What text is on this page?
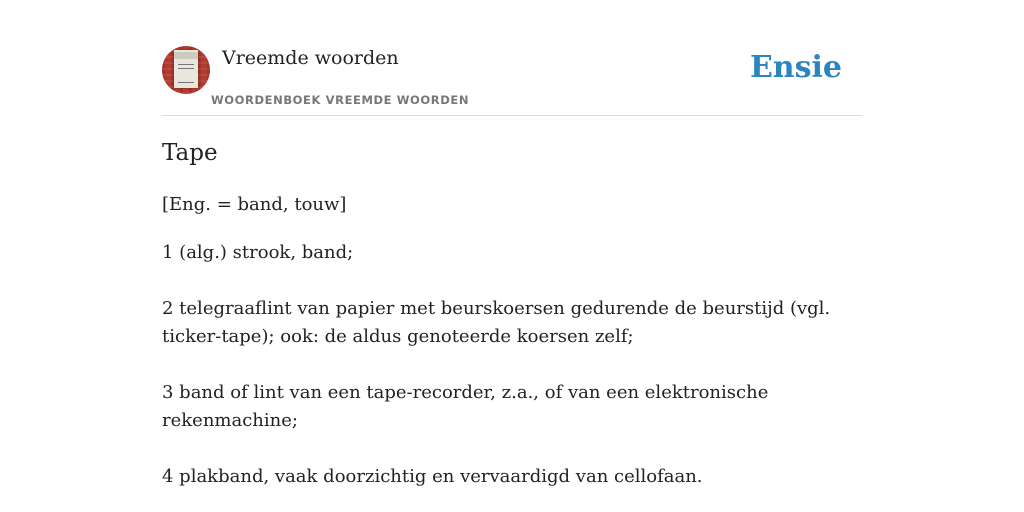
Vreemde woorden
WOORDENBOEK VREEMDE WOORDEN
Ensie
Tape
[Eng. = band, touw]

1 (alg.) strook, band;

2 telegraaflint van papier met beurskoersen gedurende de beurstijd (vgl. ticker-tape); ook: de aldus genoteerde koersen zelf;

3 band of lint van een tape-recorder, z.a., of van een elektronische rekenmachine;

4 plakband, vaak doorzichtig en vervaardigd van cellofaan.
